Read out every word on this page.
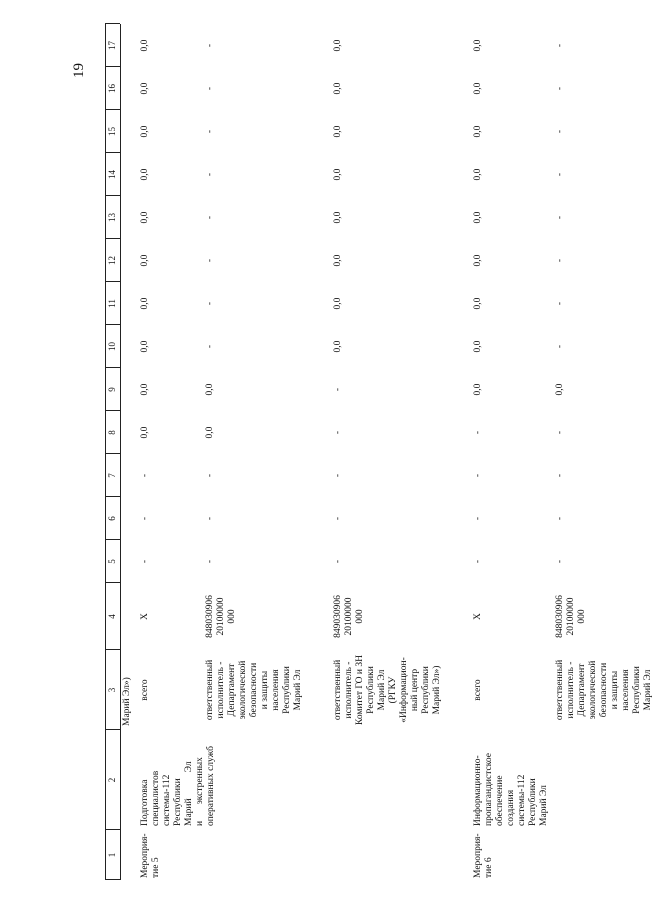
19
1
2
3
4
5
6
7
8
9
10
11
12
13
14
15
16
17
Марий Эл»)
Мероприя-
тие 5
Подготовка
специалистов
системы-112
Республики
Марий           Эл
и       экстренных
оперативных служб
всего
X
-
-
-
0,0
0,0
0,0
0,0
0,0
0,0
0,0
0,0
0,0
0,0
ответственный
исполнитель -
Департамент
экологической
безопасности
и защиты
населения
Республики
Марий Эл
848030906
20100000
000
-
-
-
0,0
0,0
-
-
-
-
-
-
-
-
ответственный
исполнитель -
Комитет ГО и ЗН
Республики
Марий Эл
(РГКУ
«Информацион-
ный центр
Республики
Марий Эл»)
849030906
20100000
000
-
-
-
-
-
0,0
0,0
0,0
0,0
0,0
0,0
0,0
0,0
Мероприя-
тие 6
Информационно-
пропагандистское
обеспечение
создания
системы-112
Республики
Марий Эл
всего
X
-
-
-
-
0,0
0,0
0,0
0,0
0,0
0,0
0,0
0,0
0,0
ответственный
исполнитель -
Департамент
экологической
безопасности
и защиты
населения
Республики
Марий Эл
848030906
20100000
000
-
-
-
-
0,0
-
-
-
-
-
-
-
-
